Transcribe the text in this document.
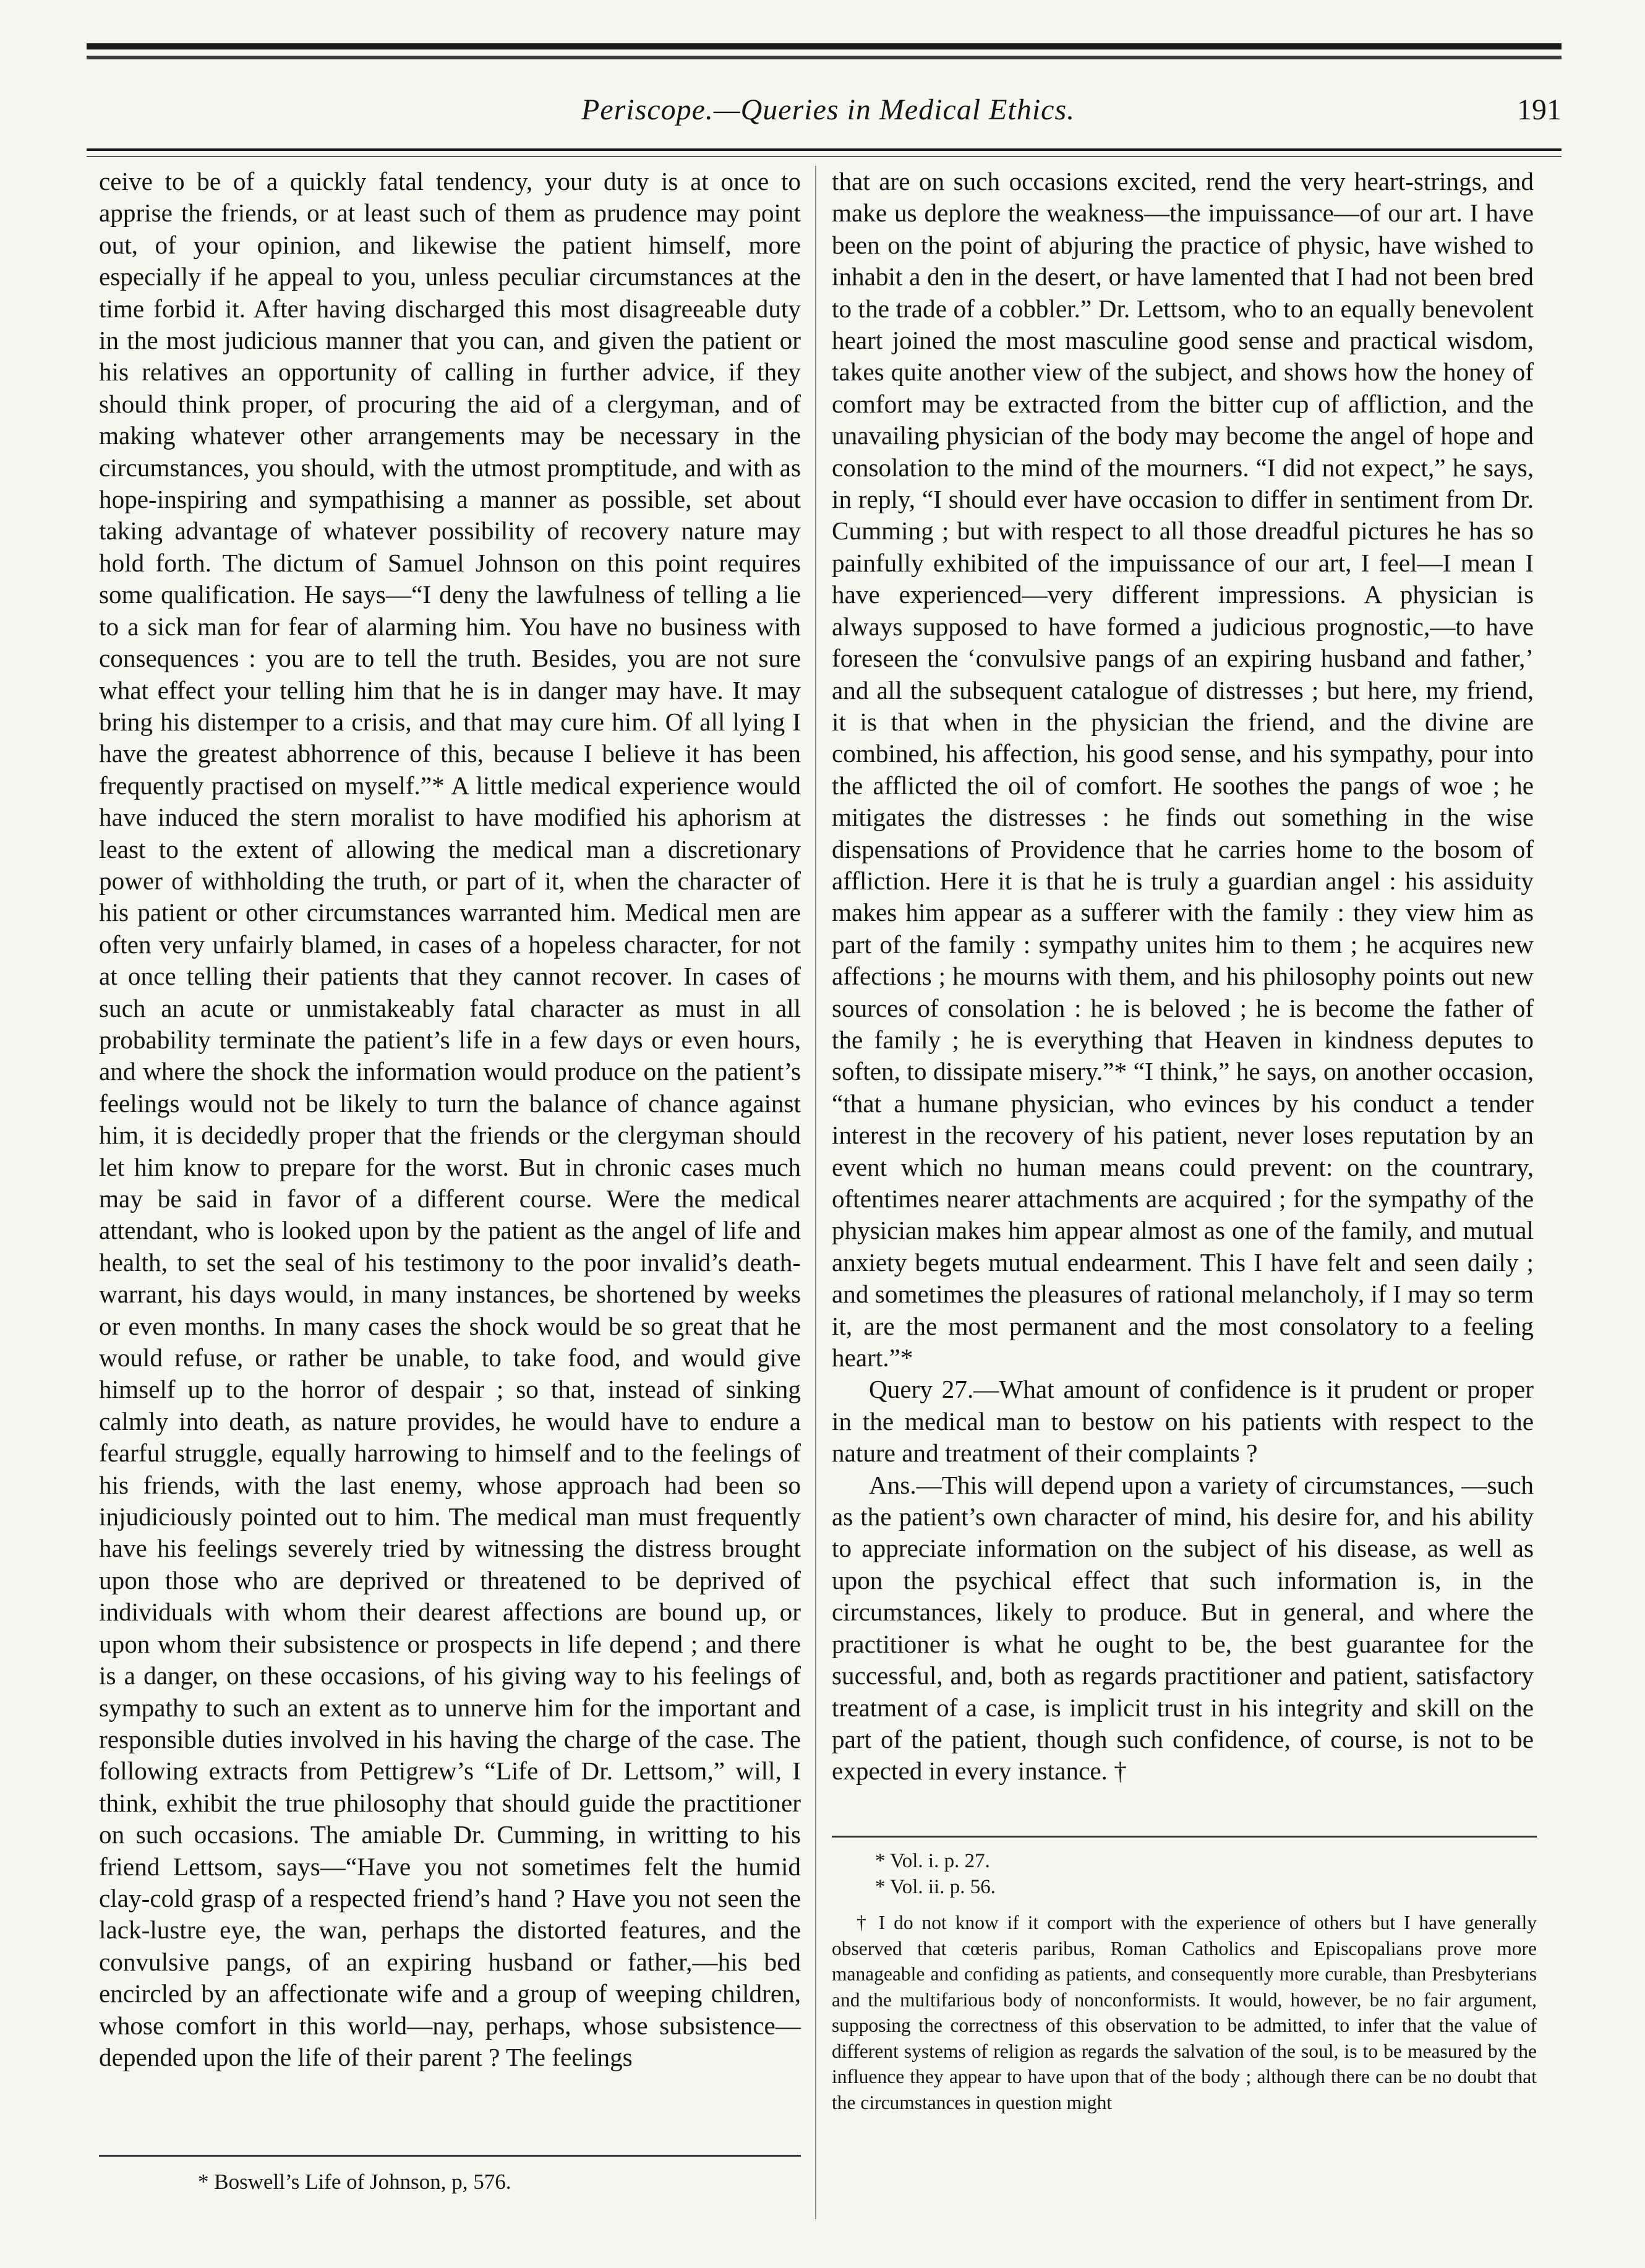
Periscope.—Queries in Medical Ethics.	191

ceive to be of a quickly fatal tendency, your duty is at once to apprise the friends, or at least such of them as prudence may point out, of your opinion, and likewise the patient himself, more especially if he appeal to you, unless peculiar circumstances at the time forbid it. After having discharged this most disagreeable duty in the most judicious manner that you can, and given the patient or his relatives an opportunity of calling in further advice, if they should think proper, of procuring the aid of a clergyman, and of making whatever other arrangements may be necessary in the circumstances, you should, with the utmost promptitude, and with as hope-inspiring and sympathising a manner as possible, set about taking advantage of whatever possibility of recovery nature may hold forth. The dictum of Samuel Johnson on this point requires some qualification. He says—“I deny the lawfulness of telling a lie to a sick man for fear of alarming him. You have no business with consequences : you are to tell the truth. Besides, you are not sure what effect your telling him that he is in danger may have. It may bring his distemper to a crisis, and that may cure him. Of all lying I have the greatest abhorrence of this, because I believe it has been frequently practised on myself.”* A little medical experience would have induced the stern moralist to have modified his aphorism at least to the extent of allowing the medical man a discretionary power of withholding the truth, or part of it, when the character of his patient or other circumstances warranted him. Medical men are often very unfairly blamed, in cases of a hopeless character, for not at once telling their patients that they cannot recover. In cases of such an acute or unmistakeably fatal character as must in all probability terminate the patient’s life in a few days or even hours, and where the shock the information would produce on the patient’s feelings would not be likely to turn the balance of chance against him, it is decidedly proper that the friends or the clergyman should let him know to prepare for the worst. But in chronic cases much may be said in favor of a different course. Were the medical attendant, who is looked upon by the patient as the angel of life and health, to set the seal of his testimony to the poor invalid’s death-warrant, his days would, in many instances, be shortened by weeks or even months. In many cases the shock would be so great that he would refuse, or rather be unable, to take food, and would give himself up to the horror of despair ; so that, instead of sinking calmly into death, as nature provides, he would have to endure a fearful struggle, equally harrowing to himself and to the feelings of his friends, with the last enemy, whose approach had been so injudiciously pointed out to him. The medical man must frequently have his feelings severely tried by witnessing the distress brought upon those who are deprived or threatened to be deprived of individuals with whom their dearest affections are bound up, or upon whom their subsistence or prospects in life depend ; and there is a danger, on these occasions, of his giving way to his feelings of sympathy to such an extent as to unnerve him for the important and responsible duties involved in his having the charge of the case. The following extracts from Pettigrew’s “Life of Dr. Lettsom,” will, I think, exhibit the true philosophy that should guide the practitioner on such occasions. The amiable Dr. Cumming, in writting to his friend Lettsom, says—“Have you not sometimes felt the humid clay-cold grasp of a respected friend’s hand ? Have you not seen the lack-lustre eye, the wan, perhaps the distorted features, and the convulsive pangs, of an expiring husband or father,—his bed encircled by an affectionate wife and a group of weeping children, whose comfort in this world—nay, perhaps, whose subsistence—depended upon the life of their parent ? The feelings

that are on such occasions excited, rend the very heart-strings, and make us deplore the weakness—the impuissance—of our art. I have been on the point of abjuring the practice of physic, have wished to inhabit a den in the desert, or have lamented that I had not been bred to the trade of a cobbler.” Dr. Lettsom, who to an equally benevolent heart joined the most masculine good sense and practical wisdom, takes quite another view of the subject, and shows how the honey of comfort may be extracted from the bitter cup of affliction, and the unavailing physician of the body may become the angel of hope and consolation to the mind of the mourners. “I did not expect,” he says, in reply, “I should ever have occasion to differ in sentiment from Dr. Cumming ; but with respect to all those dreadful pictures he has so painfully exhibited of the impuissance of our art, I feel—I mean I have experienced—very different impressions. A physician is always supposed to have formed a judicious prognostic,—to have foreseen the ‘convulsive pangs of an expiring husband and father,’ and all the subsequent catalogue of distresses ; but here, my friend, it is that when in the physician the friend, and the divine are combined, his affection, his good sense, and his sympathy, pour into the afflicted the oil of comfort. He soothes the pangs of woe ; he mitigates the distresses : he finds out something in the wise dispensations of Providence that he carries home to the bosom of affliction. Here it is that he is truly a guardian angel : his assiduity makes him appear as a sufferer with the family : they view him as part of the family : sympathy unites him to them ; he acquires new affections ; he mourns with them, and his philosophy points out new sources of consolation : he is beloved ; he is become the father of the family ; he is everything that Heaven in kindness deputes to soften, to dissipate misery.”* “I think,” he says, on another occasion, “that a humane physician, who evinces by his conduct a tender interest in the recovery of his patient, never loses reputation by an event which no human means could prevent: on the countrary, oftentimes nearer attachments are acquired ; for the sympathy of the physician makes him appear almost as one of the family, and mutual anxiety begets mutual endearment. This I have felt and seen daily ; and sometimes the pleasures of rational melancholy, if I may so term it, are the most permanent and the most consolatory to a feeling heart.”*

Query 27.—What amount of confidence is it prudent or proper in the medical man to bestow on his patients with respect to the nature and treatment of their complaints ?

Ans.—This will depend upon a variety of circumstances, —such as the patient’s own character of mind, his desire for, and his ability to appreciate information on the subject of his disease, as well as upon the psychical effect that such information is, in the circumstances, likely to produce. But in general, and where the practitioner is what he ought to be, the best guarantee for the successful, and, both as regards practitioner and patient, satisfactory treatment of a case, is implicit trust in his integrity and skill on the part of the patient, though such confidence, of course, is not to be expected in every instance. †

* Vol. i. p. 27.
* Vol. ii. p. 56.
† I do not know if it comport with the experience of others but I have generally observed that cœteris paribus, Roman Catholics and Episcopalians prove more manageable and confiding as patients, and consequently more curable, than Presbyterians and the multifarious body of nonconformists. It would, however, be no fair argument, supposing the correctness of this observation to be admitted, to infer that the value of different systems of religion as regards the salvation of the soul, is to be measured by the influence they appear to have upon that of the body ; although there can be no doubt that the circumstances in question might
* Boswell’s Life of Johnson, p, 576.
